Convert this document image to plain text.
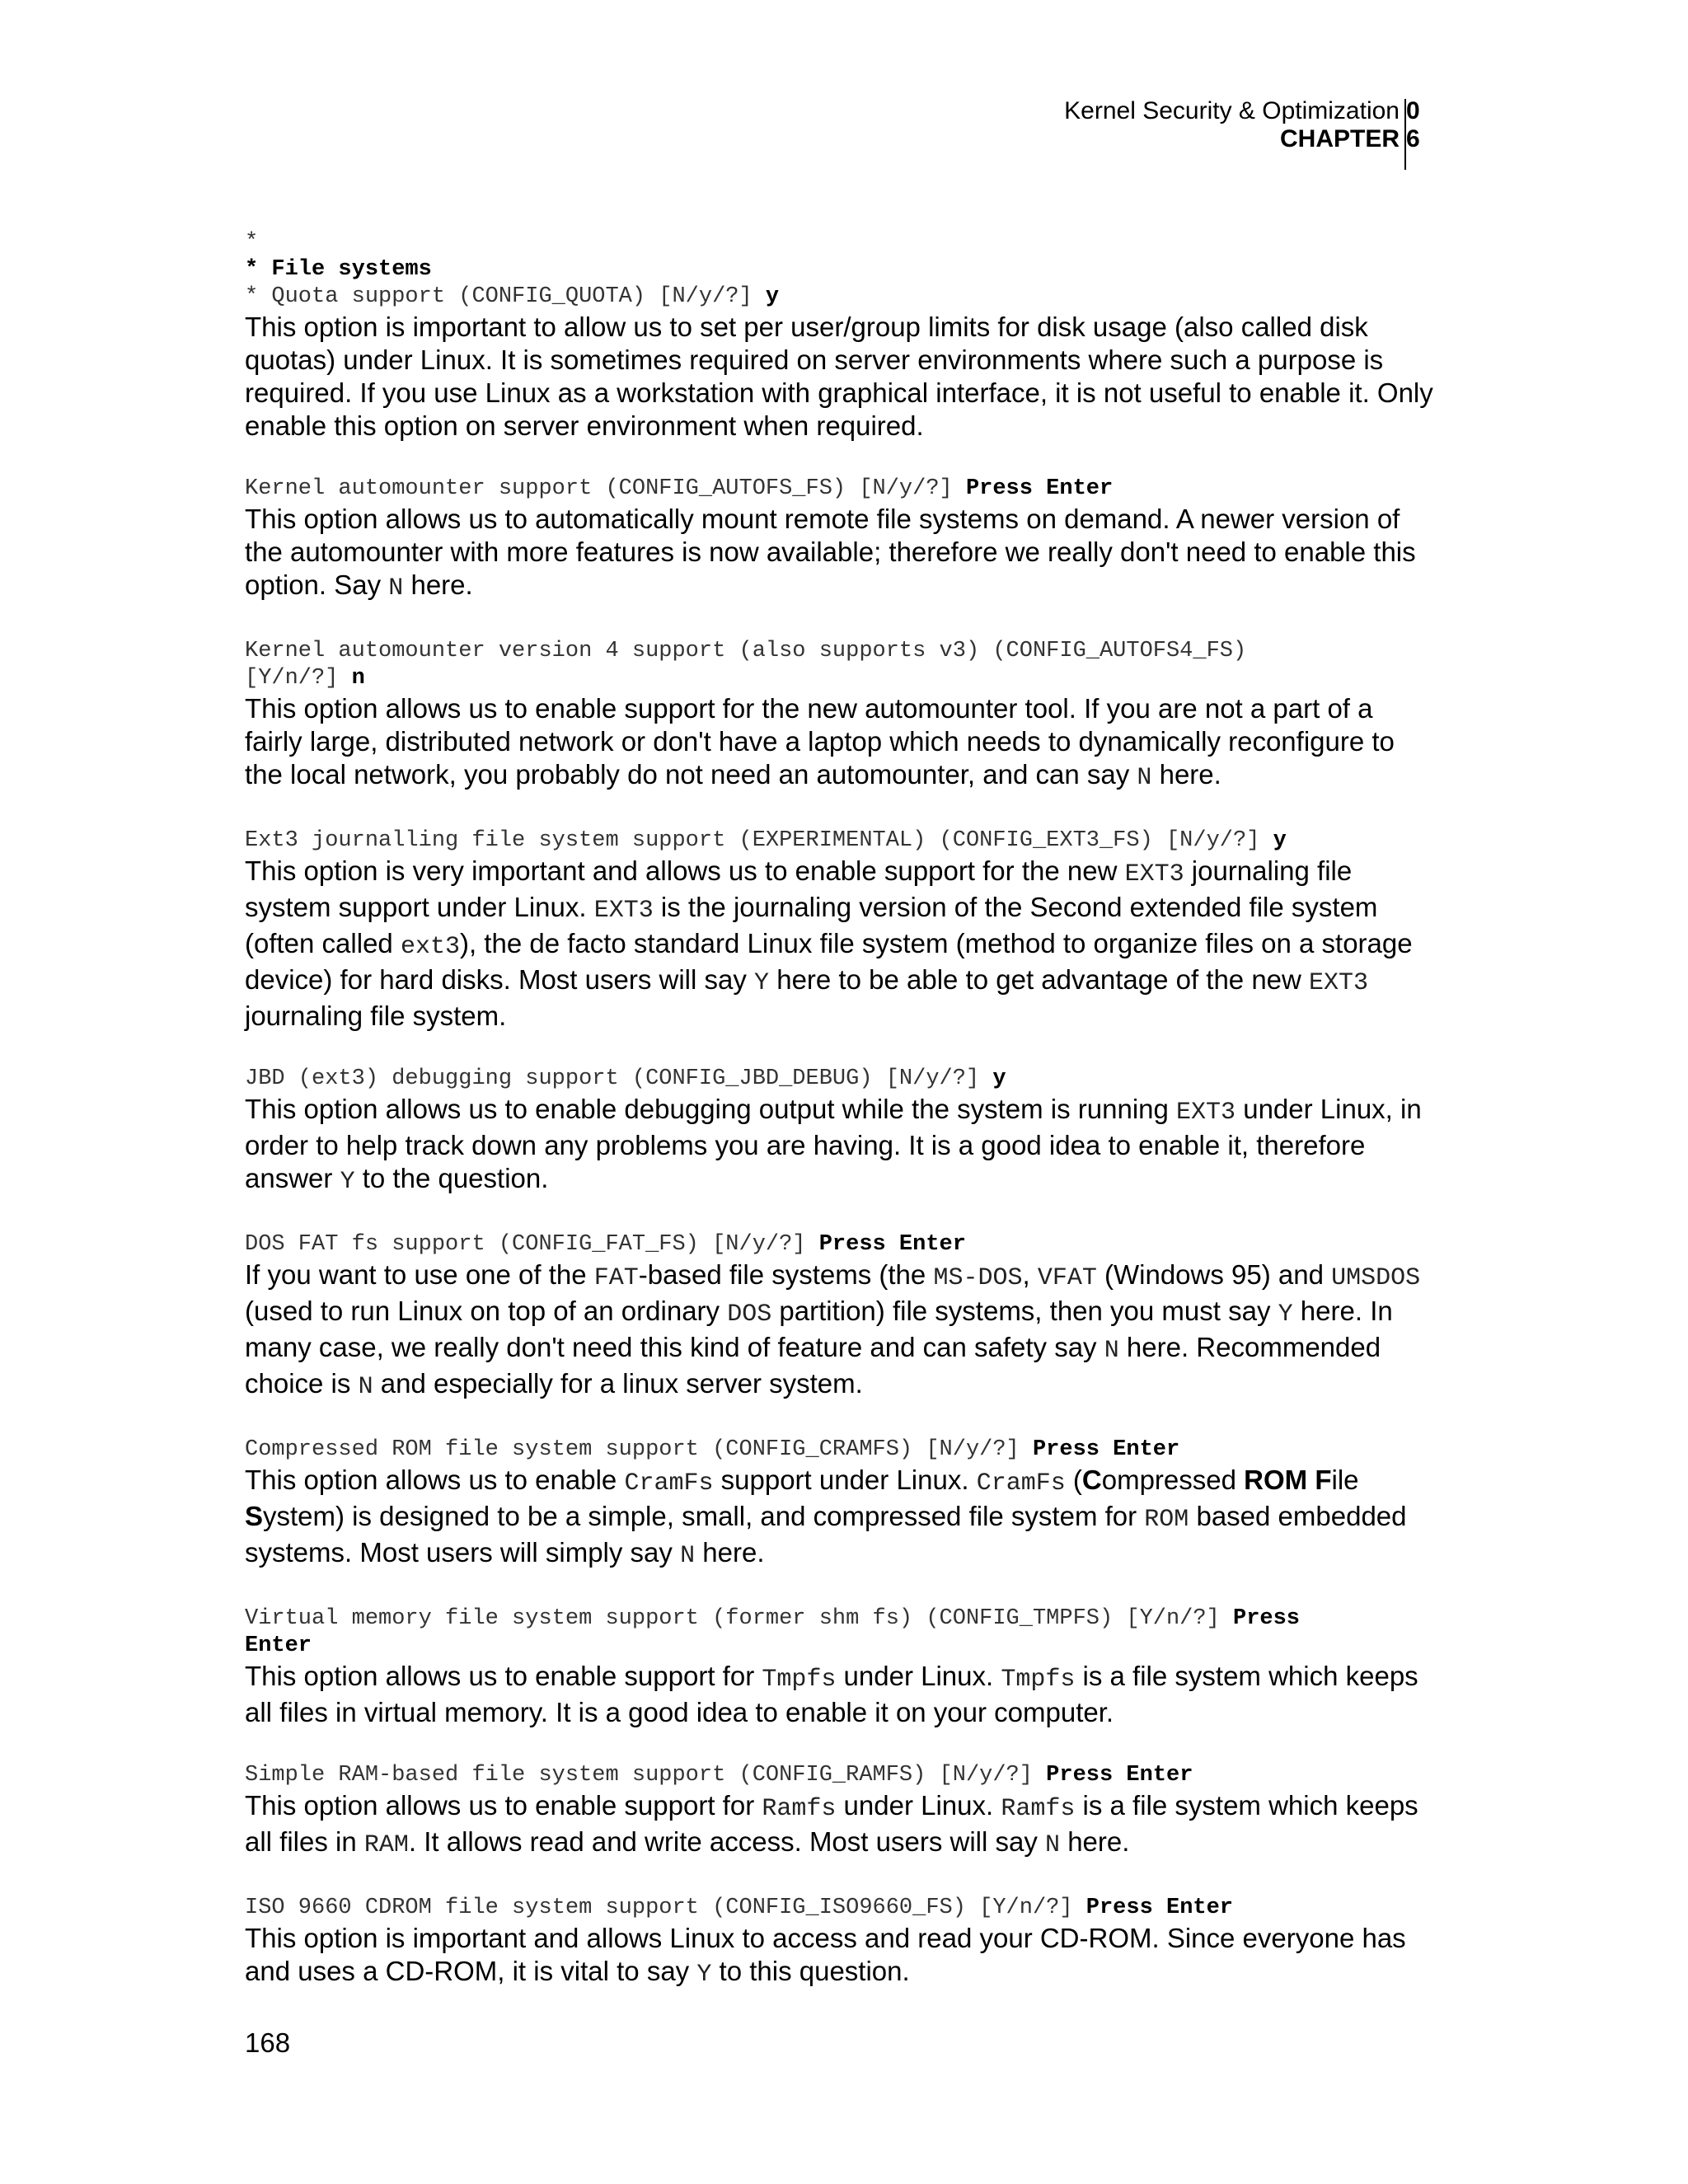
Kernel Security & Optimization
CHAPTER
0
6
*
* File systems
* Quota support (CONFIG_QUOTA) [N/y/?] y

This option is important to allow us to set per user/group limits for disk usage (also called disk quotas) under Linux. It is sometimes required on server environments where such a purpose is required. If you use Linux as a workstation with graphical interface, it is not useful to enable it. Only enable this option on server environment when required.

Kernel automounter support (CONFIG_AUTOFS_FS) [N/y/?] Press Enter

This option allows us to automatically mount remote file systems on demand. A newer version of the automounter with more features is now available; therefore we really don't need to enable this option. Say N here.

Kernel automounter version 4 support (also supports v3) (CONFIG_AUTOFS4_FS)
[Y/n/?] n

This option allows us to enable support for the new automounter tool. If you are not a part of a fairly large, distributed network or don't have a laptop which needs to dynamically reconfigure to the local network, you probably do not need an automounter, and can say N here.

Ext3 journalling file system support (EXPERIMENTAL) (CONFIG_EXT3_FS) [N/y/?] y

This option is very important and allows us to enable support for the new EXT3 journaling file system support under Linux. EXT3 is the journaling version of the Second extended file system (often called ext3), the de facto standard Linux file system (method to organize files on a storage device) for hard disks. Most users will say Y here to be able to get advantage of the new EXT3 journaling file system.

JBD (ext3) debugging support (CONFIG_JBD_DEBUG) [N/y/?] y

This option allows us to enable debugging output while the system is running EXT3 under Linux, in order to help track down any problems you are having. It is a good idea to enable it, therefore answer Y to the question.

DOS FAT fs support (CONFIG_FAT_FS) [N/y/?] Press Enter

If you want to use one of the FAT-based file systems (the MS-DOS, VFAT (Windows 95) and UMSDOS (used to run Linux on top of an ordinary DOS partition) file systems, then you must say Y here. In many case, we really don't need this kind of feature and can safety say N here. Recommended choice is N and especially for a linux server system.

Compressed ROM file system support (CONFIG_CRAMFS) [N/y/?] Press Enter

This option allows us to enable CramFs support under Linux. CramFs (Compressed ROM File System) is designed to be a simple, small, and compressed file system for ROM based embedded systems. Most users will simply say N here.

Virtual memory file system support (former shm fs) (CONFIG_TMPFS) [Y/n/?] Press
Enter

This option allows us to enable support for Tmpfs under Linux. Tmpfs is a file system which keeps all files in virtual memory. It is a good idea to enable it on your computer.

Simple RAM-based file system support (CONFIG_RAMFS) [N/y/?] Press Enter

This option allows us to enable support for Ramfs under Linux. Ramfs is a file system which keeps all files in RAM. It allows read and write access. Most users will say N here.

ISO 9660 CDROM file system support (CONFIG_ISO9660_FS) [Y/n/?] Press Enter

This option is important and allows Linux to access and read your CD-ROM. Since everyone has and uses a CD-ROM, it is vital to say Y to this question.

168
